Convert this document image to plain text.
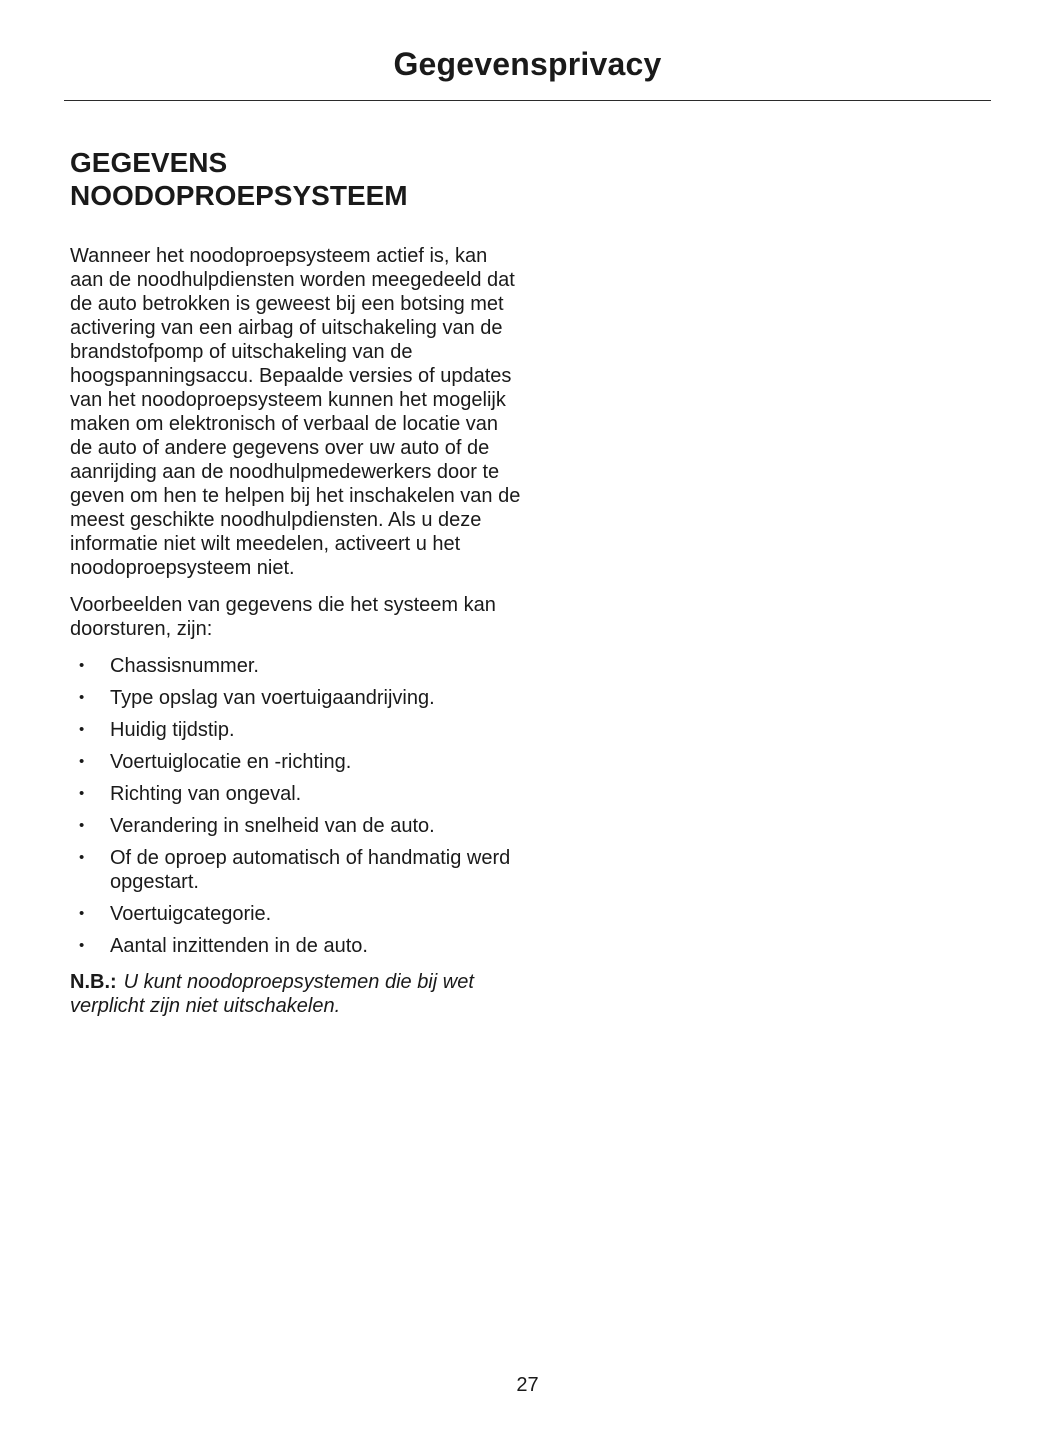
Gegevensprivacy
GEGEVENS NOODOPROEPSYSTEEM

Wanneer het noodoproepsysteem actief is, kan aan de noodhulpdiensten worden meegedeeld dat de auto betrokken is geweest bij een botsing met activering van een airbag of uitschakeling van de brandstofpomp of uitschakeling van de hoogspanningsaccu. Bepaalde versies of updates van het noodoproepsysteem kunnen het mogelijk maken om elektronisch of verbaal de locatie van de auto of andere gegevens over uw auto of de aanrijding aan de noodhulpmedewerkers door te geven om hen te helpen bij het inschakelen van de meest geschikte noodhulpdiensten. Als u deze informatie niet wilt meedelen, activeert u het noodoproepsysteem niet.

Voorbeelden van gegevens die het systeem kan doorsturen, zijn:

•	Chassisnummer.
•	Type opslag van voertuigaandrijving.
•	Huidig tijdstip.
•	Voertuiglocatie en -richting.
•	Richting van ongeval.
•	Verandering in snelheid van de auto.
•	Of de oproep automatisch of handmatig werd opgestart.
•	Voertuigcategorie.
•	Aantal inzittenden in de auto.

N.B.: U kunt noodoproepsystemen die bij wet verplicht zijn niet uitschakelen.

27
